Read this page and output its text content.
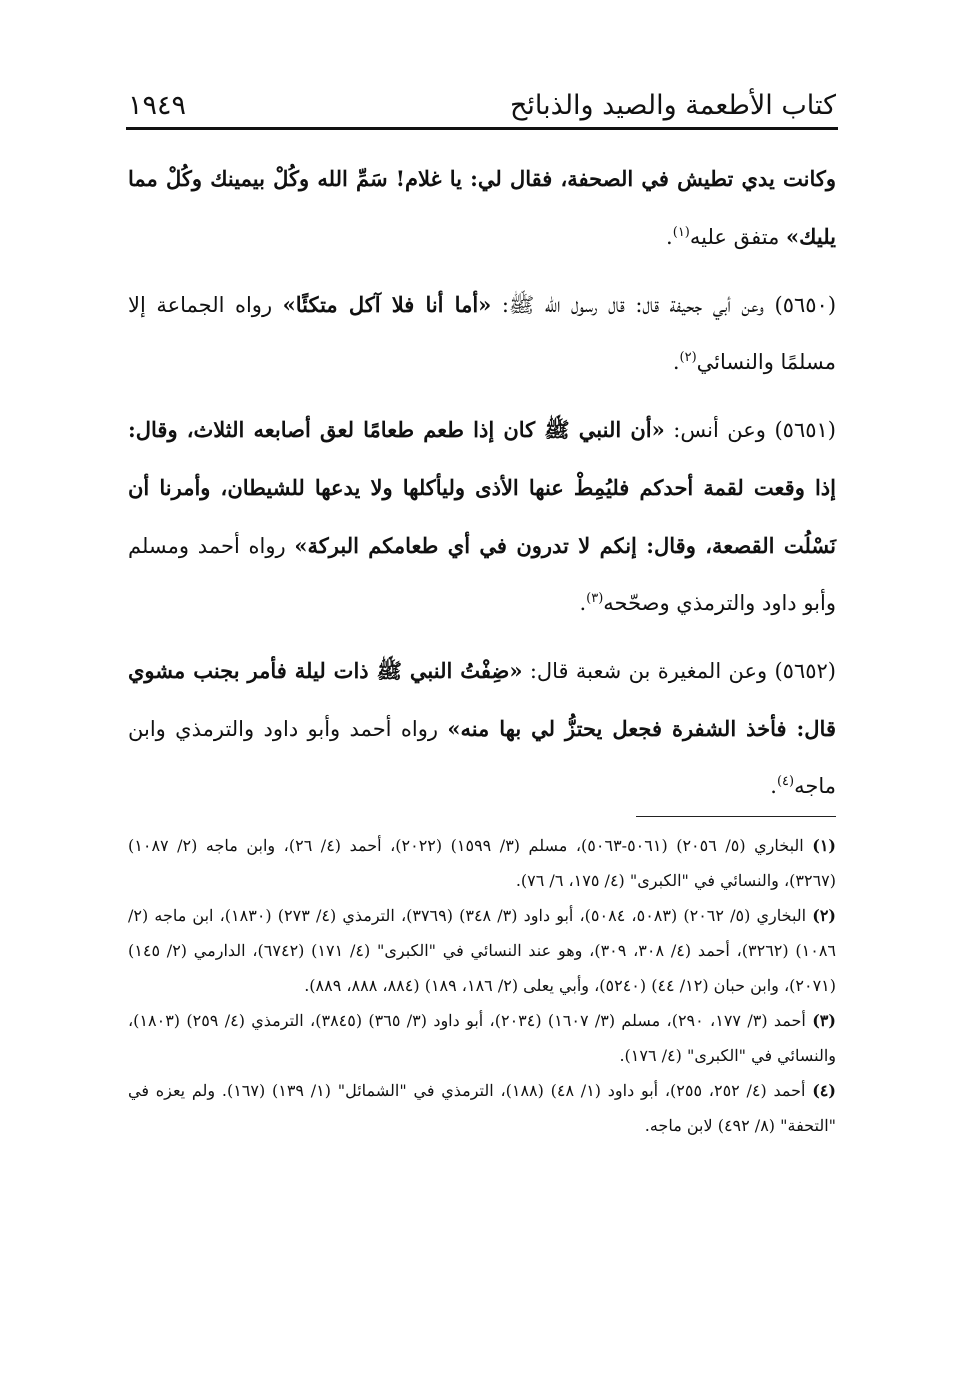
كتاب الأطعمة والصيد والذبائح
١٩٤٩

وكانت يدي تطيش في الصحفة، فقال لي: يا غلام! سَمِّ الله وكُلْ بيمينك وكُلْ مما يليك» متفق عليه$^{(١)}$.

(٥٦٥٠) وعن أبي جحيفة قال: قال رسول الله ﷺ: «أما أنا فلا آكل متكئًا» رواه الجماعة إلا مسلمًا والنسائي$^{(٢)}$.

(٥٦٥١) وعن أنس: «أن النبي ﷺ كان إذا طعم طعامًا لعق أصابعه الثلاث، وقال: إذا وقعت لقمة أحدكم فليُمِطْ عنها الأذى وليأكلها ولا يدعها للشيطان، وأمرنا أن نَسْلُت القصعة، وقال: إنكم لا تدرون في أي طعامكم البركة» رواه أحمد ومسلم وأبو داود والترمذي وصحّحه$^{(٣)}$.

(٥٦٥٢) وعن المغيرة بن شعبة قال: «ضِفْتُ النبي ﷺ ذات ليلة فأمر بجنب مشوي قال: فأخذ الشفرة فجعل يحتزُّ لي بها منه» رواه أحمد وأبو داود والترمذي وابن ماجه$^{(٤)}$.

(١) البخاري (٥/ ٢٠٥٦) (٥٠٦١-٥٠٦٣)، مسلم (٣/ ١٥٩٩) (٢٠٢٢)، أحمد (٤/ ٢٦)، وابن ماجه (٢/ ١٠٨٧) (٣٢٦٧)، والنسائي في "الكبرى" (٤/ ١٧٥، ٦/ ٧٦).

(٢) البخاري (٥/ ٢٠٦٢) (٥٠٨٣، ٥٠٨٤)، أبو داود (٣/ ٣٤٨) (٣٧٦٩)، الترمذي (٤/ ٢٧٣) (١٨٣٠)، ابن ماجه (٢/ ١٠٨٦) (٣٢٦٢)، أحمد (٤/ ٣٠٨، ٣٠٩)، وهو عند النسائي في "الكبرى" (٤/ ١٧١) (٦٧٤٢)، الدارمي (٢/ ١٤٥) (٢٠٧١)، وابن حبان (١٢/ ٤٤) (٥٢٤٠)، وأبي يعلى (٢/ ١٨٦، ١٨٩) (٨٨٤، ٨٨٨، ٨٨٩).

(٣) أحمد (٣/ ١٧٧، ٢٩٠)، مسلم (٣/ ١٦٠٧) (٢٠٣٤)، أبو داود (٣/ ٣٦٥) (٣٨٤٥)، الترمذي (٤/ ٢٥٩) (١٨٠٣)، والنسائي في "الكبرى" (٤/ ١٧٦).

(٤) أحمد (٤/ ٢٥٢، ٢٥٥)، أبو داود (١/ ٤٨) (١٨٨)، الترمذي في "الشمائل" (١/ ١٣٩) (١٦٧). ولم يعزه في "التحفة" (٨/ ٤٩٢) لابن ماجه.
